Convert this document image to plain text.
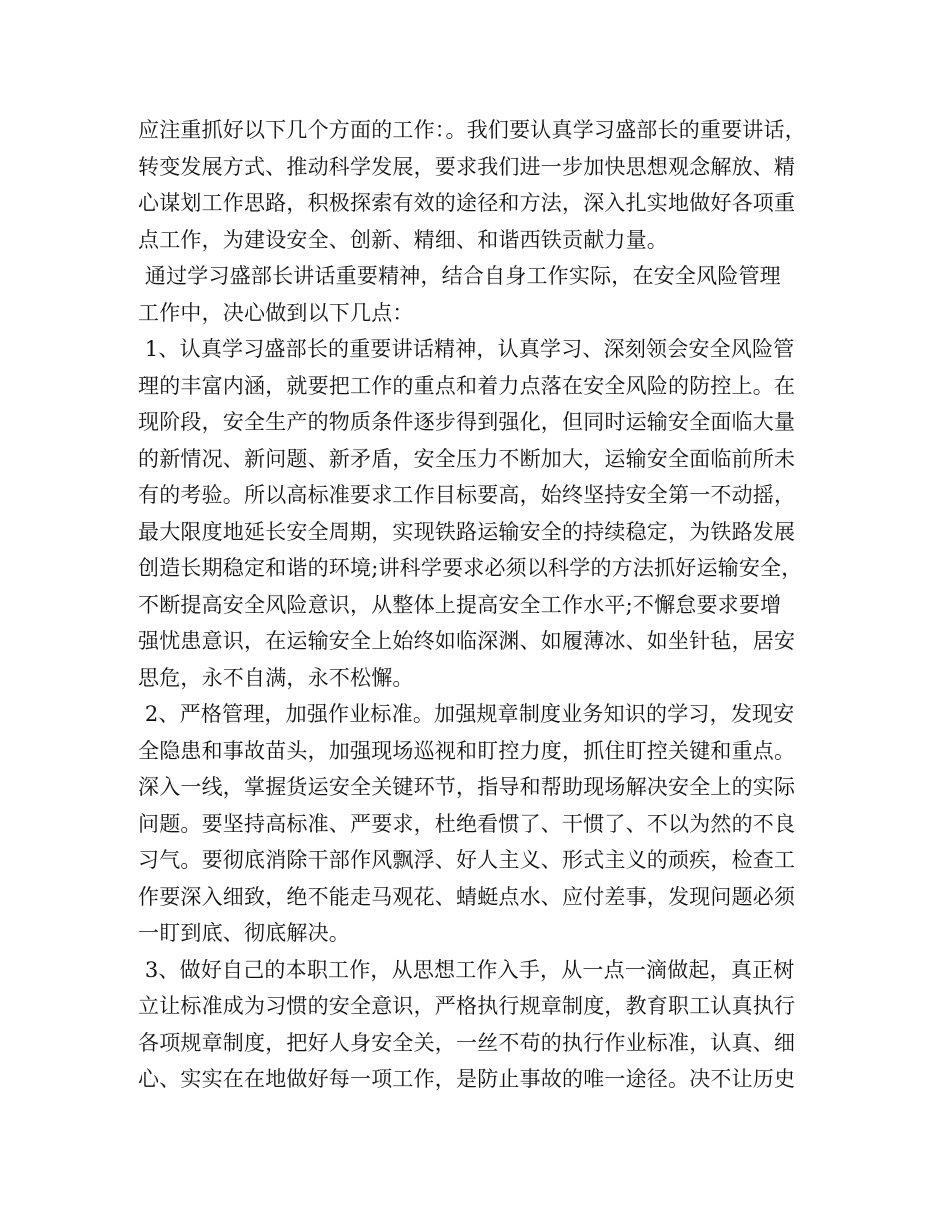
应注重抓好以下几个方面的工作：。我们要认真学习盛部长的重要讲话，
转变发展方式、推动科学发展，要求我们进一步加快思想观念解放、精
心谋划工作思路，积极探索有效的途径和方法，深入扎实地做好各项重
点工作，为建设安全、创新、精细、和谐西铁贡献力量。
通过学习盛部长讲话重要精神，结合自身工作实际，在安全风险管理
工作中，决心做到以下几点：
1、认真学习盛部长的重要讲话精神，认真学习、深刻领会安全风险管
理的丰富内涵，就要把工作的重点和着力点落在安全风险的防控上。在
现阶段，安全生产的物质条件逐步得到强化，但同时运输安全面临大量
的新情况、新问题、新矛盾，安全压力不断加大，运输安全面临前所未
有的考验。所以高标准要求工作目标要高，始终坚持安全第一不动摇，
最大限度地延长安全周期，实现铁路运输安全的持续稳定，为铁路发展
创造长期稳定和谐的环境;讲科学要求必须以科学的方法抓好运输安全，
不断提高安全风险意识，从整体上提高安全工作水平;不懈怠要求要增
强忧患意识，在运输安全上始终如临深渊、如履薄冰、如坐针毡，居安
思危，永不自满，永不松懈。
2、严格管理，加强作业标准。加强规章制度业务知识的学习，发现安
全隐患和事故苗头，加强现场巡视和盯控力度，抓住盯控关键和重点。
深入一线，掌握货运安全关键环节，指导和帮助现场解决安全上的实际
问题。要坚持高标准、严要求，杜绝看惯了、干惯了、不以为然的不良
习气。要彻底消除干部作风飘浮、好人主义、形式主义的顽疾，检查工
作要深入细致，绝不能走马观花、蜻蜓点水、应付差事，发现问题必须
一盯到底、彻底解决。
3、做好自己的本职工作，从思想工作入手，从一点一滴做起，真正树
立让标准成为习惯的安全意识，严格执行规章制度，教育职工认真执行
各项规章制度，把好人身安全关，一丝不苟的执行作业标准，认真、细
心、实实在在地做好每一项工作，是防止事故的唯一途径。决不让历史
